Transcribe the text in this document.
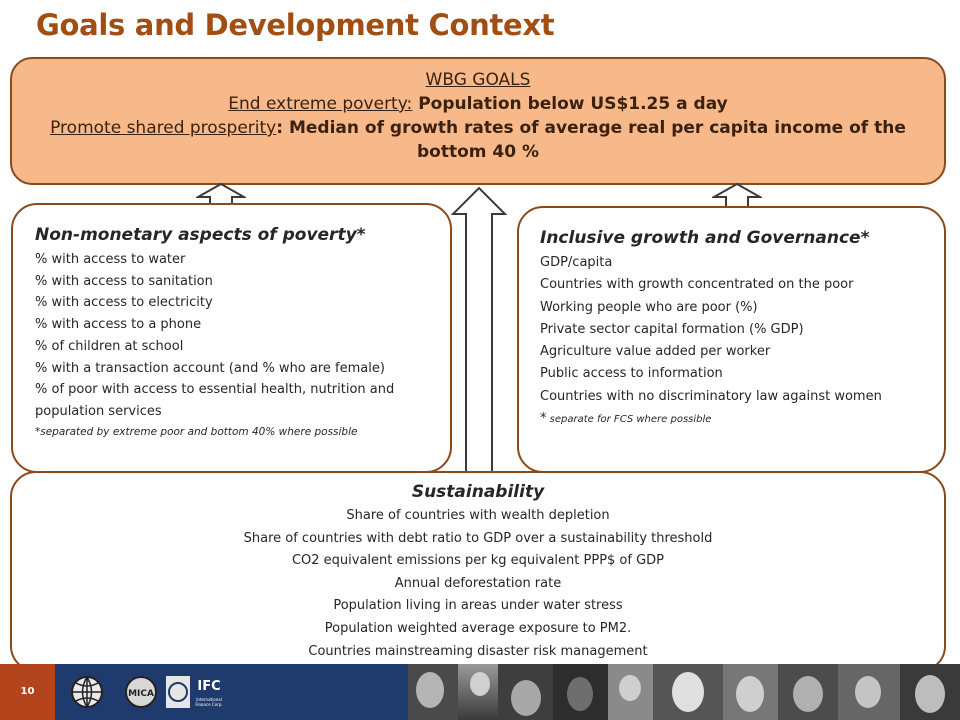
Goals and Development Context
WBG GOALS
End extreme poverty: Population below US$1.25 a day
Promote shared prosperity: Median of growth rates of average real per capita income of the bottom 40 %
Non-monetary aspects of poverty*
% with access to water
% with access to sanitation
% with access to electricity
% with access to a phone
% of children at school
% with a transaction account (and % who are female)
% of poor with access to essential health, nutrition and population services
*separated by extreme poor and bottom 40% where possible
Inclusive growth and Governance*
GDP/capita
Countries with growth concentrated on the poor
Working people who are poor (%)
Private sector capital formation (% GDP)
Agriculture value added per worker
Public access to information
Countries with no discriminatory law against women
* separate for FCS where possible
Sustainability
Share of countries with wealth depletion
Share of countries with debt ratio to GDP over a sustainability threshold
CO2 equivalent emissions per kg equivalent PPP$ of GDP
Annual deforestation rate
Population living in areas under water stress
Population weighted average exposure to PM2.
Countries mainstreaming disaster risk management
10	MICA	IFC
International
Finance Corp.
